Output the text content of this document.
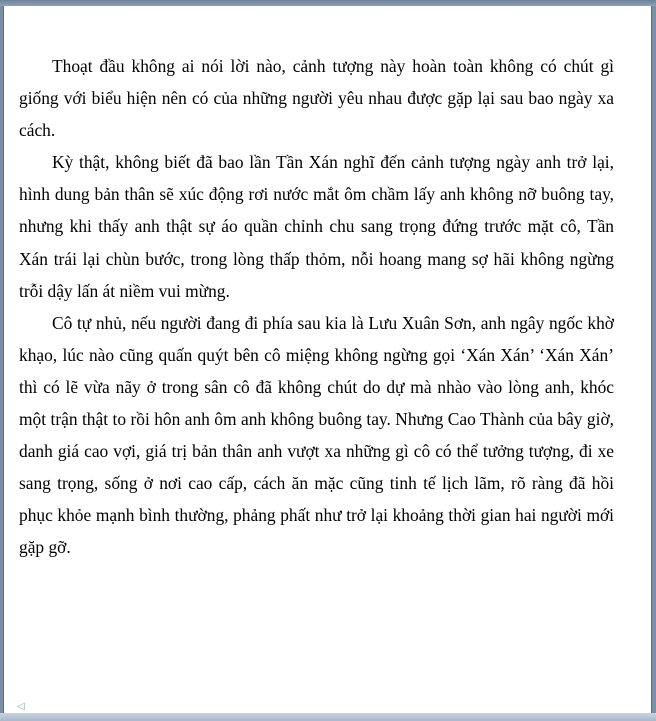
Thoạt đầu không ai nói lời nào, cảnh tượng này hoàn toàn không có chút gì giống với biểu hiện nên có của những người yêu nhau được gặp lại sau bao ngày xa cách.

Kỳ thật, không biết đã bao lần Tần Xán nghĩ đến cảnh tượng ngày anh trở lại, hình dung bản thân sẽ xúc động rơi nước mắt ôm chầm lấy anh không nỡ buông tay, nhưng khi thấy anh thật sự áo quần chỉnh chu sang trọng đứng trước mặt cô, Tần Xán trái lại chùn bước, trong lòng thấp thỏm, nỗi hoang mang sợ hãi không ngừng trỗi dậy lấn át niềm vui mừng.

Cô tự nhủ, nếu người đang đi phía sau kia là Lưu Xuân Sơn, anh ngây ngốc khờ khạo, lúc nào cũng quấn quýt bên cô miệng không ngừng gọi ‘Xán Xán’ ‘Xán Xán’ thì có lẽ vừa nãy ở trong sân cô đã không chút do dự mà nhào vào lòng anh, khóc một trận thật to rồi hôn anh ôm anh không buông tay. Nhưng Cao Thành của bây giờ, danh giá cao vợi, giá trị bản thân anh vượt xa những gì cô có thể tưởng tượng, đi xe sang trọng, sống ở nơi cao cấp, cách ăn mặc cũng tinh tế lịch lãm, rõ ràng đã hồi phục khỏe mạnh bình thường, phảng phất như trở lại khoảng thời gian hai người mới gặp gỡ.

◁
